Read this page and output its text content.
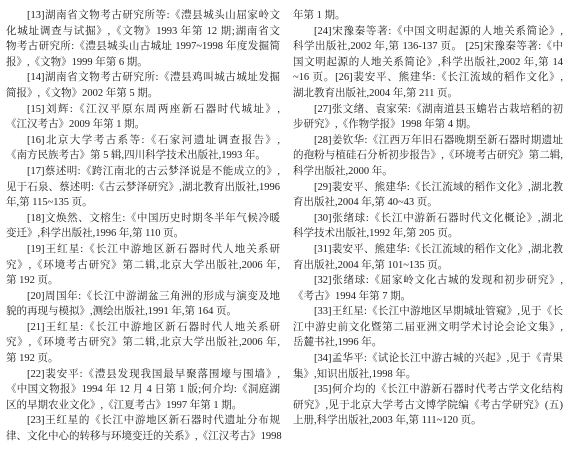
[13]湖南省文物考古研究所等:《澧县城头山屈家岭文
化城址调查与试掘》,《文物》1993 年第 12 期;湖南省文
物考古研究所:《澧县城头山古城址 1997~1998 年度发掘简
报》,《文物》1999 年第 6 期。
[14]湖南省文物考古研究所:《澧县鸡叫城古城址发掘
简报》,《文物》2002 年第 5 期。
[15]刘辉:《江汉平原东周两座新石器时代城址》,
《江汉考古》2009 年第 1 期。
[16]北京大学考古系等:《石家河遗址调查报告》,
《南方民族考古》第 5 辑,四川科学技术出版社,1993 年。
[17]蔡述明:《跨江南北的古云梦泽说是不能成立的》,
见于石泉、蔡述明:《古云梦泽研究》,湖北教育出版社,1996
年,第 115~135 页。
[18]文焕然、文榕生:《中国历史时期冬半年气候冷暖
变迁》,科学出版社,1996 年,第 110 页。
[19]王红星:《长江中游地区新石器时代人地关系研
究》,《环境考古研究》第二辑,北京大学出版社,2006 年,
第 192 页。
[20]周国年:《长江中游湖盆三角洲的形成与演变及地
貌的再现与模拟》,测绘出版社,1991 年,第 164 页。
[21]王红星:《长江中游地区新石器时代人地关系研
究》,《环境考古研究》第二辑,北京大学出版社,2006 年,
第 192 页。
[22]裴安平:《澧县发现我国最早聚落围壕与围墙》,
《中国文物报》1994 年 12 月 4 日第 1 版;何介均:《洞庭湖
区的早期农业文化》,《江夏考古》1997 年第 1 期。
[23]王红星的《长江中游地区新石器时代遗址分布规
律、文化中心的转移与环境变迁的关系》,《江汉考古》1998
年第 1 期。
[24]宋豫秦等著:《中国文明起源的人地关系简论》,
科学出版社,2002 年,第 136-137 页。 [25]宋豫秦等著:《中
国文明起源的人地关系简论》,科学出版社,2002 年,第 14
~16 页。[26]裴安平、熊建华:《长江流域的稻作文化》,
湖北教育出版社,2004 年,第 211 页。
[27]张文绪、袁家荣:《湖南道县玉蟾岩古栽培稻的初
步研究》,《作物学报》1998 年第 4 期。
[28]姜钦华:《江西万年旧石器晚期至新石器时期遗址
的孢粉与植硅石分析初步报告》,《环境考古研究》第二辑,
科学出版社,2000 年。
[29]裴安平、熊建华:《长江流域的稻作文化》,湖北教
育出版社,2004 年,第 40~43 页。
[30]张绪球:《长江中游新石器时代文化概论》,湖北
科学技术出版社,1992 年,第 205 页。
[31]裴安平、熊建华:《长江流域的稻作文化》,湖北教
育出版社,2004 年,第 101~135 页。
[32]张绪球:《屈家岭文化古城的发现和初步研究》,
《考古》1994 年第 7 期。
[33]王红星:《长江中游地区早期城址管窥》,见于《长
江中游史前文化暨第二届亚洲文明学术讨论会论文集》,
岳麓书社,1996 年。
[34]孟华平:《试论长江中游古城的兴起》,见于《青果
集》,知识出版社,1998 年。
[35]何介均的《长江中游新石器时代考古学文化结构
研究》,见于北京大学考古文博学院编《考古学研究》(五)
上册,科学出版社,2003 年,第 111~120 页。
